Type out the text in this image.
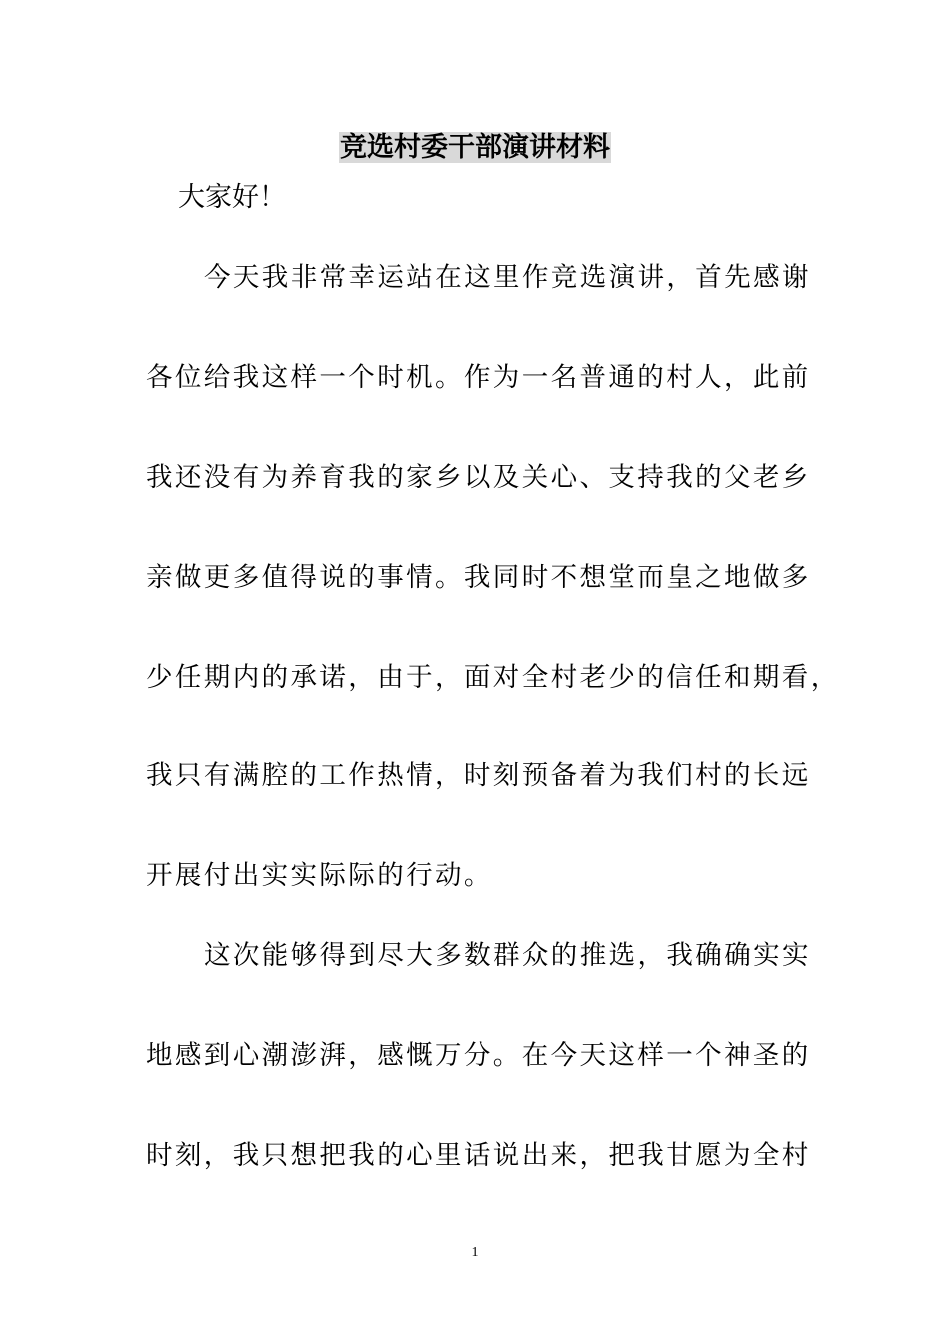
竞选村委干部演讲材料
大家好！
今天我非常幸运站在这里作竞选演讲，首先感谢
各位给我这样一个时机。作为一名普通的村人，此前
我还没有为养育我的家乡以及关心、支持我的父老乡
亲做更多值得说的事情。我同时不想堂而皇之地做多
少任期内的承诺，由于，面对全村老少的信任和期看，
我只有满腔的工作热情，时刻预备着为我们村的长远
开展付出实实际际的行动。
这次能够得到尽大多数群众的推选，我确确实实
地感到心潮澎湃，感慨万分。在今天这样一个神圣的
时刻，我只想把我的心里话说出来，把我甘愿为全村
1
